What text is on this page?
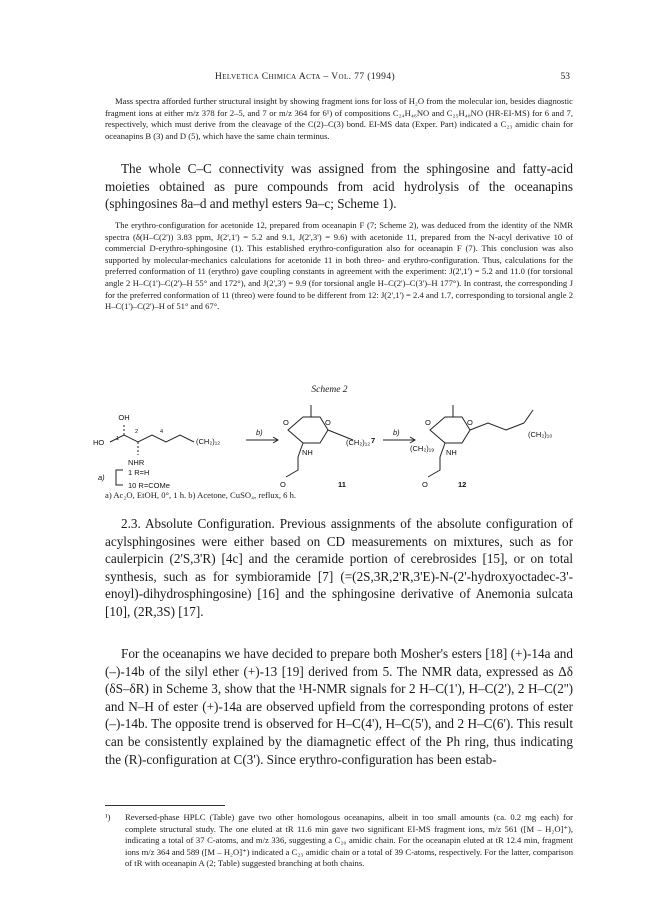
Helvetica Chimica Acta – Vol. 77 (1994)	53

Mass spectra afforded further structural insight by showing fragment ions for loss of H₂O from the molecular ion, besides diagnostic fragment ions at either m/z 378 for 2–5, and 7 or m/z 364 for 6¹) of compositions C₂₄H₄₆NO and C₂₅H₄₈NO (HR-EI-MS) for 6 and 7, respectively, which must derive from the cleavage of the C(2)–C(3) bond. EI-MS data (Exper. Part) indicated a C₂₃ amidic chain for oceanapins B (3) and D (5), which have the same chain terminus.

The whole C–C connectivity was assigned from the sphingosine and fatty-acid moieties obtained as pure compounds from acid hydrolysis of the oceanapins (sphingosines 8a–d and methyl esters 9a–c; Scheme 1).

The erythro-configuration for acetonide 12, prepared from oceanapin F (7; Scheme 2), was deduced from the identity of the NMR spectra (δ(H–C(2')) 3.83 ppm, J(2',1') = 5.2 and 9.1, J(2',3') = 9.6) with acetonide 11, prepared from the N-acyl derivative 10 of commercial D-erythro-sphingosine (1). This established erythro-configuration also for oceanapin F (7). This conclusion was also supported by molecular-mechanics calculations for acetonide 11 in both threo- and erythro-configuration. Thus, calculations for the preferred conformation of 11 (erythro) gave coupling constants in agreement with the experiment: J(2',1') = 5.2 and 11.0 (for torsional angle 2 H–C(1')–C(2')–H 55° and 172°), and J(2',3') = 9.9 (for torsional angle H–C(2')–C(3')–H 177°). In contrast, the corresponding J for the preferred conformation of 11 (threo) were found to be different from 12: J(2',1') = 2.4 and 1.7, corresponding to torsional angle 2 H–C(1')–C(2')–H of 51° and 67°.

Scheme 2
OH
HO
NHR
1
2	4
(CH₂)₁₂
1 R=H
10 R=COMe
a)
b)
O	O
(CH₂)₁₂
NH
O	11
7
b)
O	O
(CH₂)₁₉ NH
(CH₂)₁₀
O	12
a) Ac₂O, EtOH, 0°, 1 h. b) Acetone, CuSO₄, reflux, 6 h.

2.3. Absolute Configuration. Previous assignments of the absolute configuration of acylsphingosines were either based on CD measurements on mixtures, such as for caulerpicin (2'S,3'R) [4c] and the ceramide portion of cerebrosides [15], or on total synthesis, such as for symbioramide [7] (=(2S,3R,2'R,3'E)-N-(2'-hydroxyoctadec-3'-enoyl)-dihydrosphingosine) [16] and the sphingosine derivative of Anemonia sulcata [10], (2R,3S) [17].

For the oceanapins we have decided to prepare both Mosher's esters [18] (+)-14a and (–)-14b of the silyl ether (+)-13 [19] derived from 5. The NMR data, expressed as Δδ (δS–δR) in Scheme 3, show that the ¹H-NMR signals for 2 H–C(1'), H–C(2'), 2 H–C(2'') and N–H of ester (+)-14a are observed upfield from the corresponding protons of ester (–)-14b. The opposite trend is observed for H–C(4'), H–C(5'), and 2 H–C(6'). This result can be consistently explained by the diamagnetic effect of the Ph ring, thus indicating the (R)-configuration at C(3'). Since erythro-configuration has been estab-

¹) Reversed-phase HPLC (Table) gave two other homologous oceanapins, albeit in too small amounts (ca. 0.2 mg each) for complete structural study. The one eluted at tR 11.6 min gave two significant EI-MS fragment ions, m/z 561 ([M – H₂O]⁺), indicating a total of 37 C-atoms, and m/z 336, suggesting a C₂₀ amidic chain. For the oceanapin eluted at tR 12.4 min, fragment ions m/z 364 and 589 ([M – H₂O]⁺) indicated a C₂₃ amidic chain or a total of 39 C-atoms, respectively. For the latter, comparison of tR with oceanapin A (2; Table) suggested branching at both chains.
